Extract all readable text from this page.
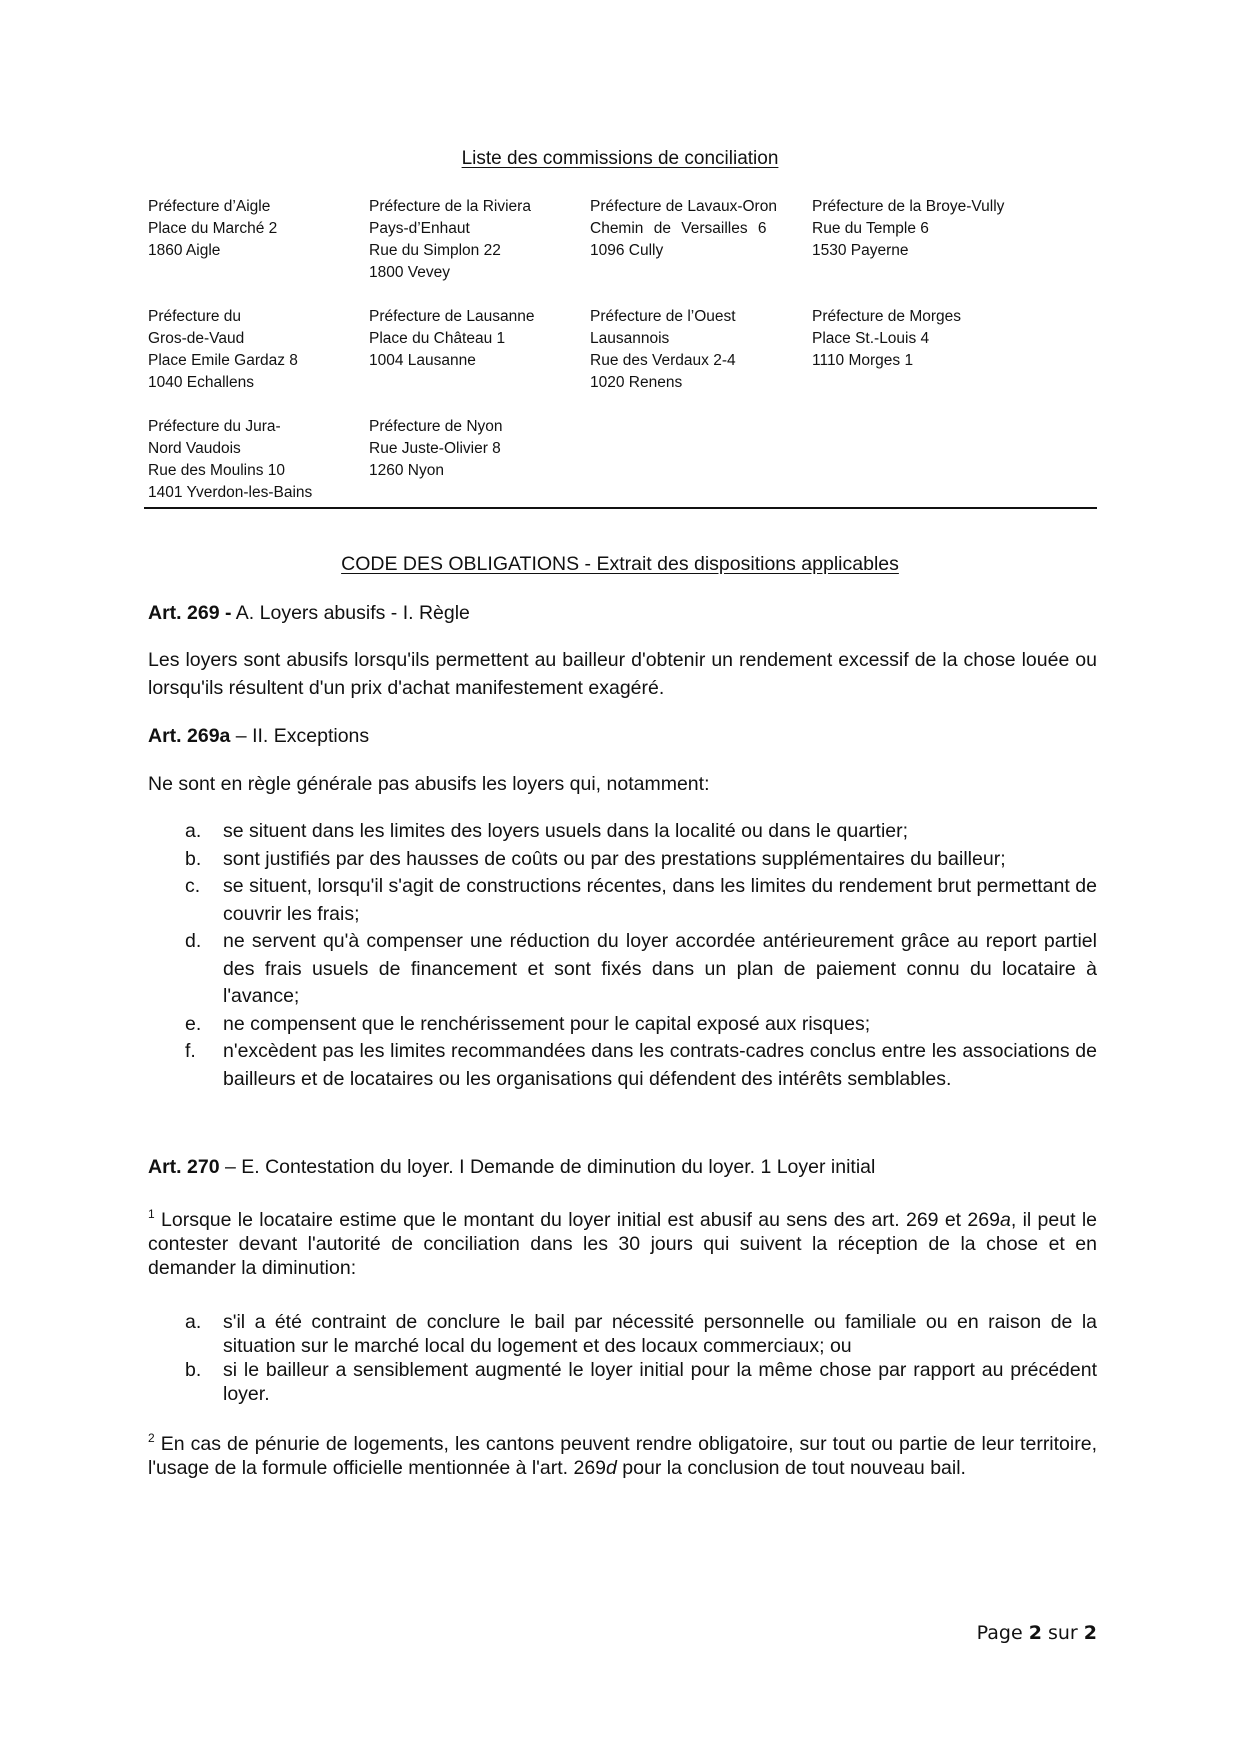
Liste des commissions de conciliation
Préfecture d’Aigle
Place du Marché 2
1860 Aigle
Préfecture de la Riviera
Pays-d’Enhaut
Rue du Simplon 22
1800 Vevey
Préfecture de Lavaux-Oron
Chemin de Versailles 6
1096 Cully
Préfecture de la Broye-Vully
Rue du Temple 6
1530 Payerne
Préfecture du
Gros-de-Vaud
Place Emile Gardaz 8
1040 Echallens
Préfecture de Lausanne
Place du Château 1
1004 Lausanne
Préfecture de l’Ouest
Lausannois
Rue des Verdaux 2-4
1020 Renens
Préfecture de Morges
Place St.-Louis 4
1110 Morges 1
Préfecture du Jura-
Nord Vaudois
Rue des Moulins 10
1401 Yverdon-les-Bains
Préfecture de Nyon
Rue Juste-Olivier 8
1260 Nyon
CODE DES OBLIGATIONS - Extrait des dispositions applicables
Art. 269 - A. Loyers abusifs - I. Règle
Les loyers sont abusifs lorsqu'ils permettent au bailleur d'obtenir un rendement excessif de la chose louée ou lorsqu'ils résultent d'un prix d'achat manifestement exagéré.
Art. 269a – II. Exceptions
Ne sont en règle générale pas abusifs les loyers qui, notamment:
a. se situent dans les limites des loyers usuels dans la localité ou dans le quartier;
b. sont justifiés par des hausses de coûts ou par des prestations supplémentaires du bailleur;
c. se situent, lorsqu'il s'agit de constructions récentes, dans les limites du rendement brut permettant de couvrir les frais;
d. ne servent qu'à compenser une réduction du loyer accordée antérieurement grâce au report partiel des frais usuels de financement et sont fixés dans un plan de paiement connu du locataire à l'avance;
e. ne compensent que le renchérissement pour le capital exposé aux risques;
f. n'excèdent pas les limites recommandées dans les contrats-cadres conclus entre les associations de bailleurs et de locataires ou les organisations qui défendent des intérêts semblables.
Art. 270 – E. Contestation du loyer. I Demande de diminution du loyer. 1 Loyer initial
$^1$ Lorsque le locataire estime que le montant du loyer initial est abusif au sens des art. 269 et 269a, il peut le contester devant l'autorité de conciliation dans les 30 jours qui suivent la réception de la chose et en demander la diminution:
a. s'il a été contraint de conclure le bail par nécessité personnelle ou familiale ou en raison de la situation sur le marché local du logement et des locaux commerciaux; ou
b. si le bailleur a sensiblement augmenté le loyer initial pour la même chose par rapport au précédent loyer.
$^2$ En cas de pénurie de logements, les cantons peuvent rendre obligatoire, sur tout ou partie de leur territoire, l'usage de la formule officielle mentionnée à l'art. 269d pour la conclusion de tout nouveau bail.
Page 2 sur 2
